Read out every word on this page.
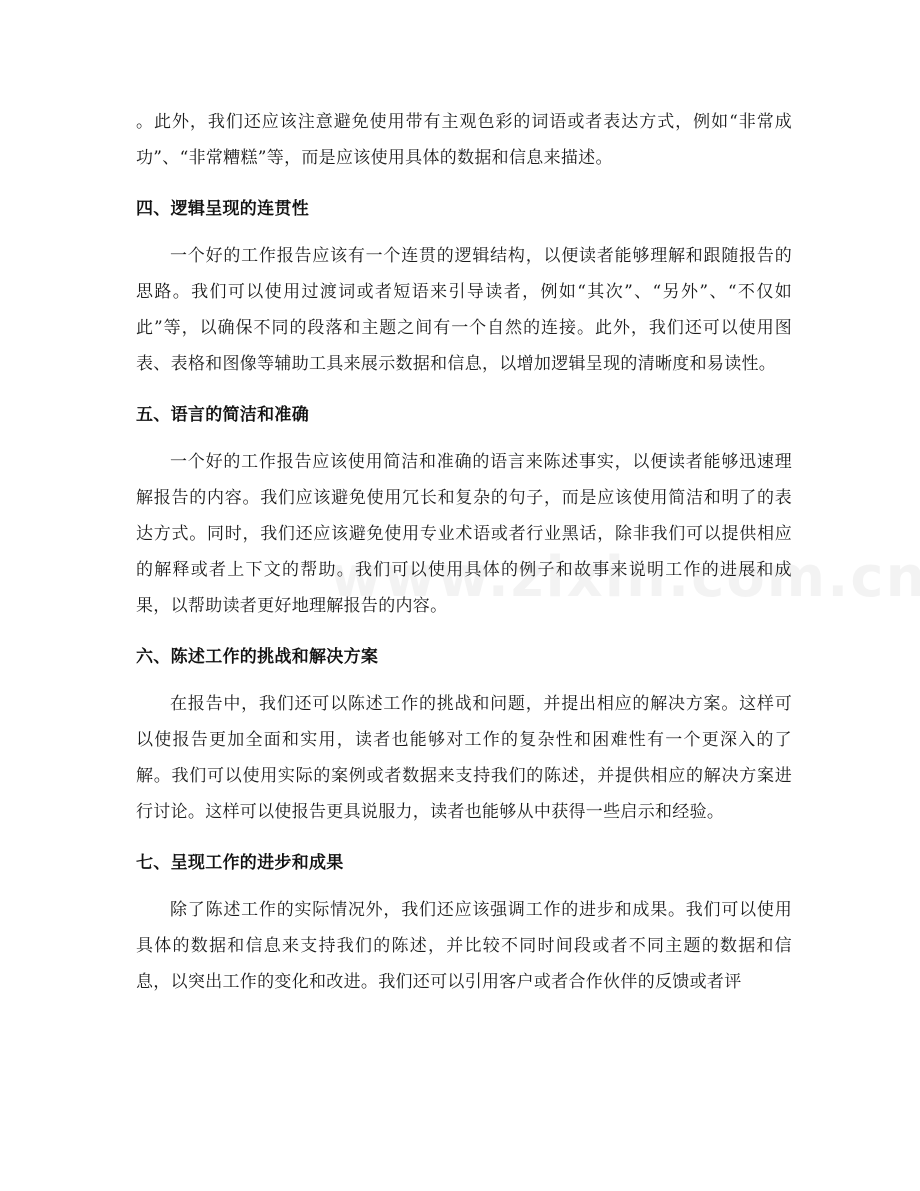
。此外，我们还应该注意避免使用带有主观色彩的词语或者表达方式，例如“非常成功”、“非常糟糕”等，而是应该使用具体的数据和信息来描述。

四、逻辑呈现的连贯性

一个好的工作报告应该有一个连贯的逻辑结构，以便读者能够理解和跟随报告的思路。我们可以使用过渡词或者短语来引导读者，例如“其次”、“另外”、“不仅如此”等，以确保不同的段落和主题之间有一个自然的连接。此外，我们还可以使用图表、表格和图像等辅助工具来展示数据和信息，以增加逻辑呈现的清晰度和易读性。

五、语言的简洁和准确

一个好的工作报告应该使用简洁和准确的语言来陈述事实，以便读者能够迅速理解报告的内容。我们应该避免使用冗长和复杂的句子，而是应该使用简洁和明了的表达方式。同时，我们还应该避免使用专业术语或者行业黑话，除非我们可以提供相应的解释或者上下文的帮助。我们可以使用具体的例子和故事来说明工作的进展和成果，以帮助读者更好地理解报告的内容。

六、陈述工作的挑战和解决方案

在报告中，我们还可以陈述工作的挑战和问题，并提出相应的解决方案。这样可以使报告更加全面和实用，读者也能够对工作的复杂性和困难性有一个更深入的了解。我们可以使用实际的案例或者数据来支持我们的陈述，并提供相应的解决方案进行讨论。这样可以使报告更具说服力，读者也能够从中获得一些启示和经验。

七、呈现工作的进步和成果

除了陈述工作的实际情况外，我们还应该强调工作的进步和成果。我们可以使用具体的数据和信息来支持我们的陈述，并比较不同时间段或者不同主题的数据和信息，以突出工作的变化和改进。我们还可以引用客户或者合作伙伴的反馈或者评
